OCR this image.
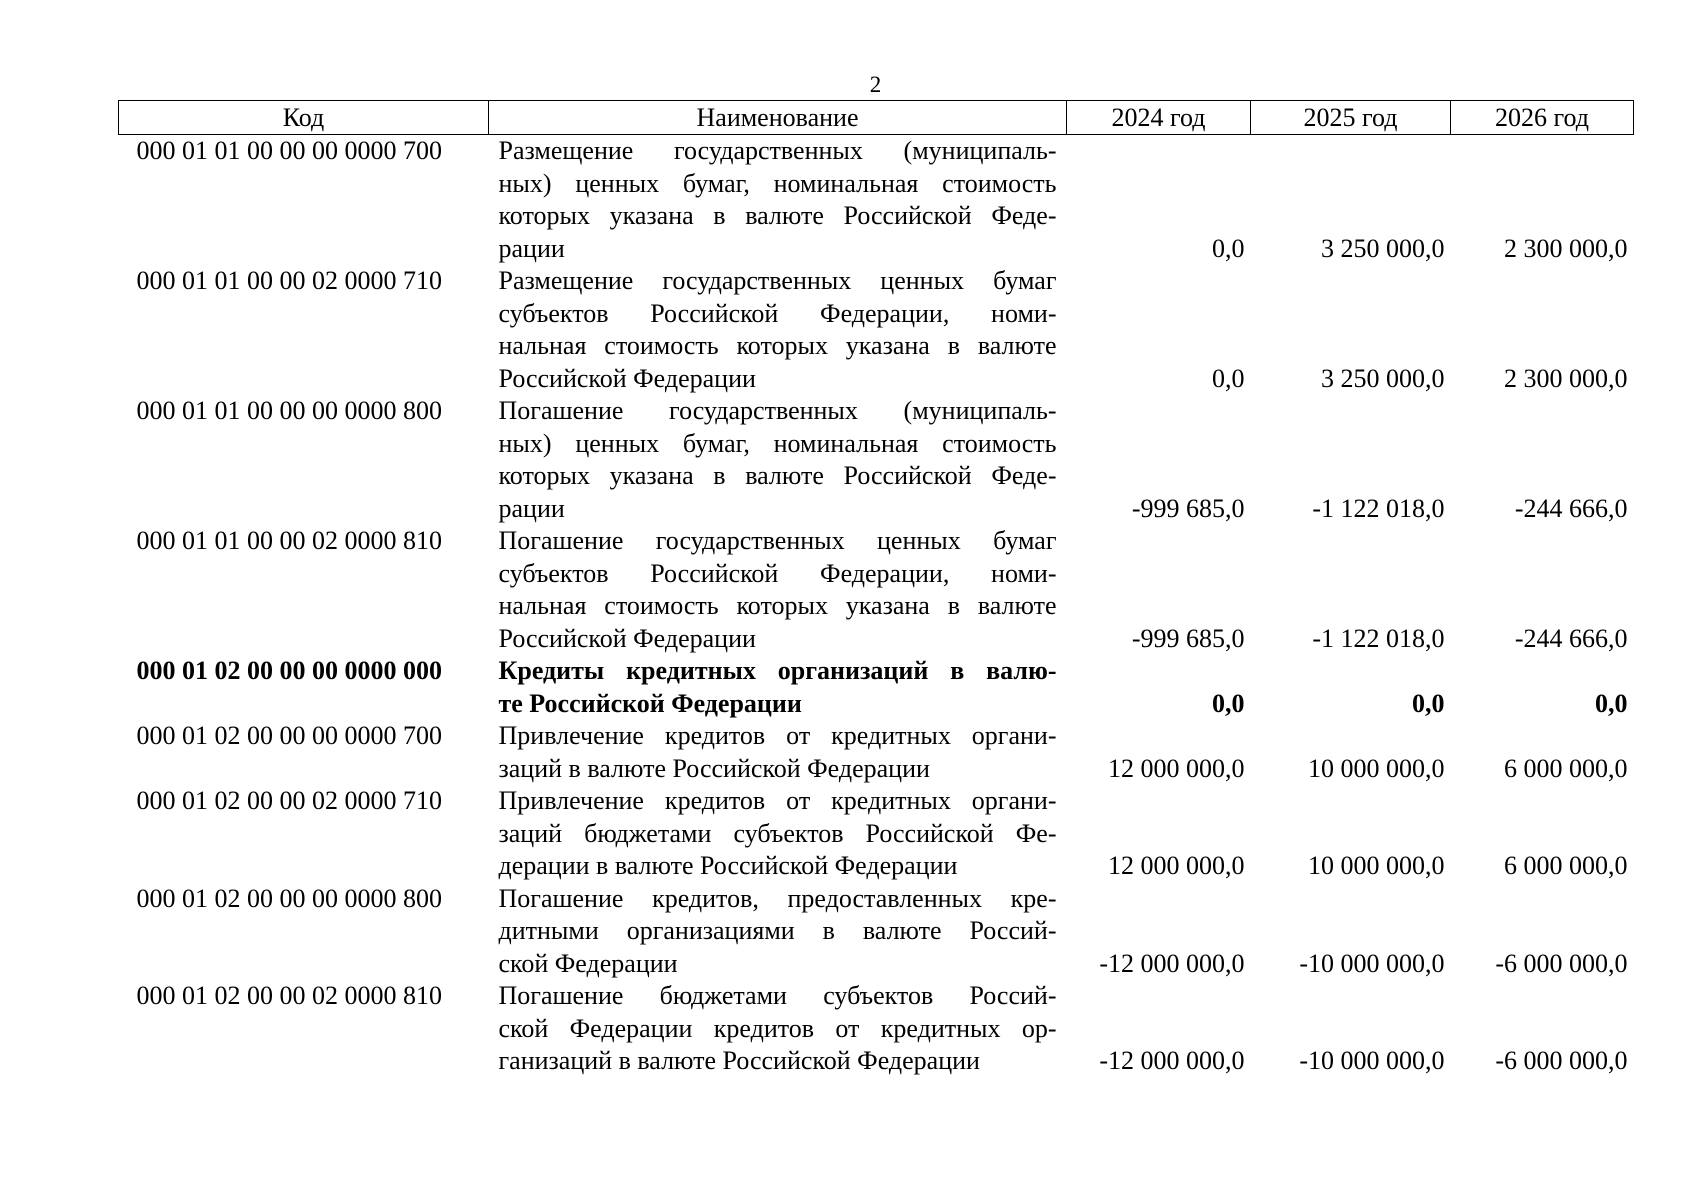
2
Код	Наименование	2024 год	2025 год	2026 год
000 01 01 00 00 00 0000 700	Размещение государственных (муниципаль-
ных) ценных бумаг, номинальная стоимость
которых указана в валюте Российской Феде-
рации	0,0	3 250 000,0	2 300 000,0
000 01 01 00 00 02 0000 710	Размещение государственных ценных бумаг
субъектов Российской Федерации, номи-
нальная стоимость которых указана в валюте
Российской Федерации	0,0	3 250 000,0	2 300 000,0
000 01 01 00 00 00 0000 800	Погашение государственных (муниципаль-
ных) ценных бумаг, номинальная стоимость
которых указана в валюте Российской Феде-
рации	-999 685,0	-1 122 018,0	-244 666,0
000 01 01 00 00 02 0000 810	Погашение государственных ценных бумаг
субъектов Российской Федерации, номи-
нальная стоимость которых указана в валюте
Российской Федерации	-999 685,0	-1 122 018,0	-244 666,0
000 01 02 00 00 00 0000 000	Кредиты кредитных организаций в валю-
те Российской Федерации	0,0	0,0	0,0
000 01 02 00 00 00 0000 700	Привлечение кредитов от кредитных органи-
заций в валюте Российской Федерации	12 000 000,0	10 000 000,0	6 000 000,0
000 01 02 00 00 02 0000 710	Привлечение кредитов от кредитных органи-
заций бюджетами субъектов Российской Фе-
дерации в валюте Российской Федерации	12 000 000,0	10 000 000,0	6 000 000,0
000 01 02 00 00 00 0000 800	Погашение кредитов, предоставленных кре-
дитными организациями в валюте Россий-
ской Федерации	-12 000 000,0	-10 000 000,0	-6 000 000,0
000 01 02 00 00 02 0000 810	Погашение бюджетами субъектов Россий-
ской Федерации кредитов от кредитных ор-
ганизаций в валюте Российской Федерации	-12 000 000,0	-10 000 000,0	-6 000 000,0
